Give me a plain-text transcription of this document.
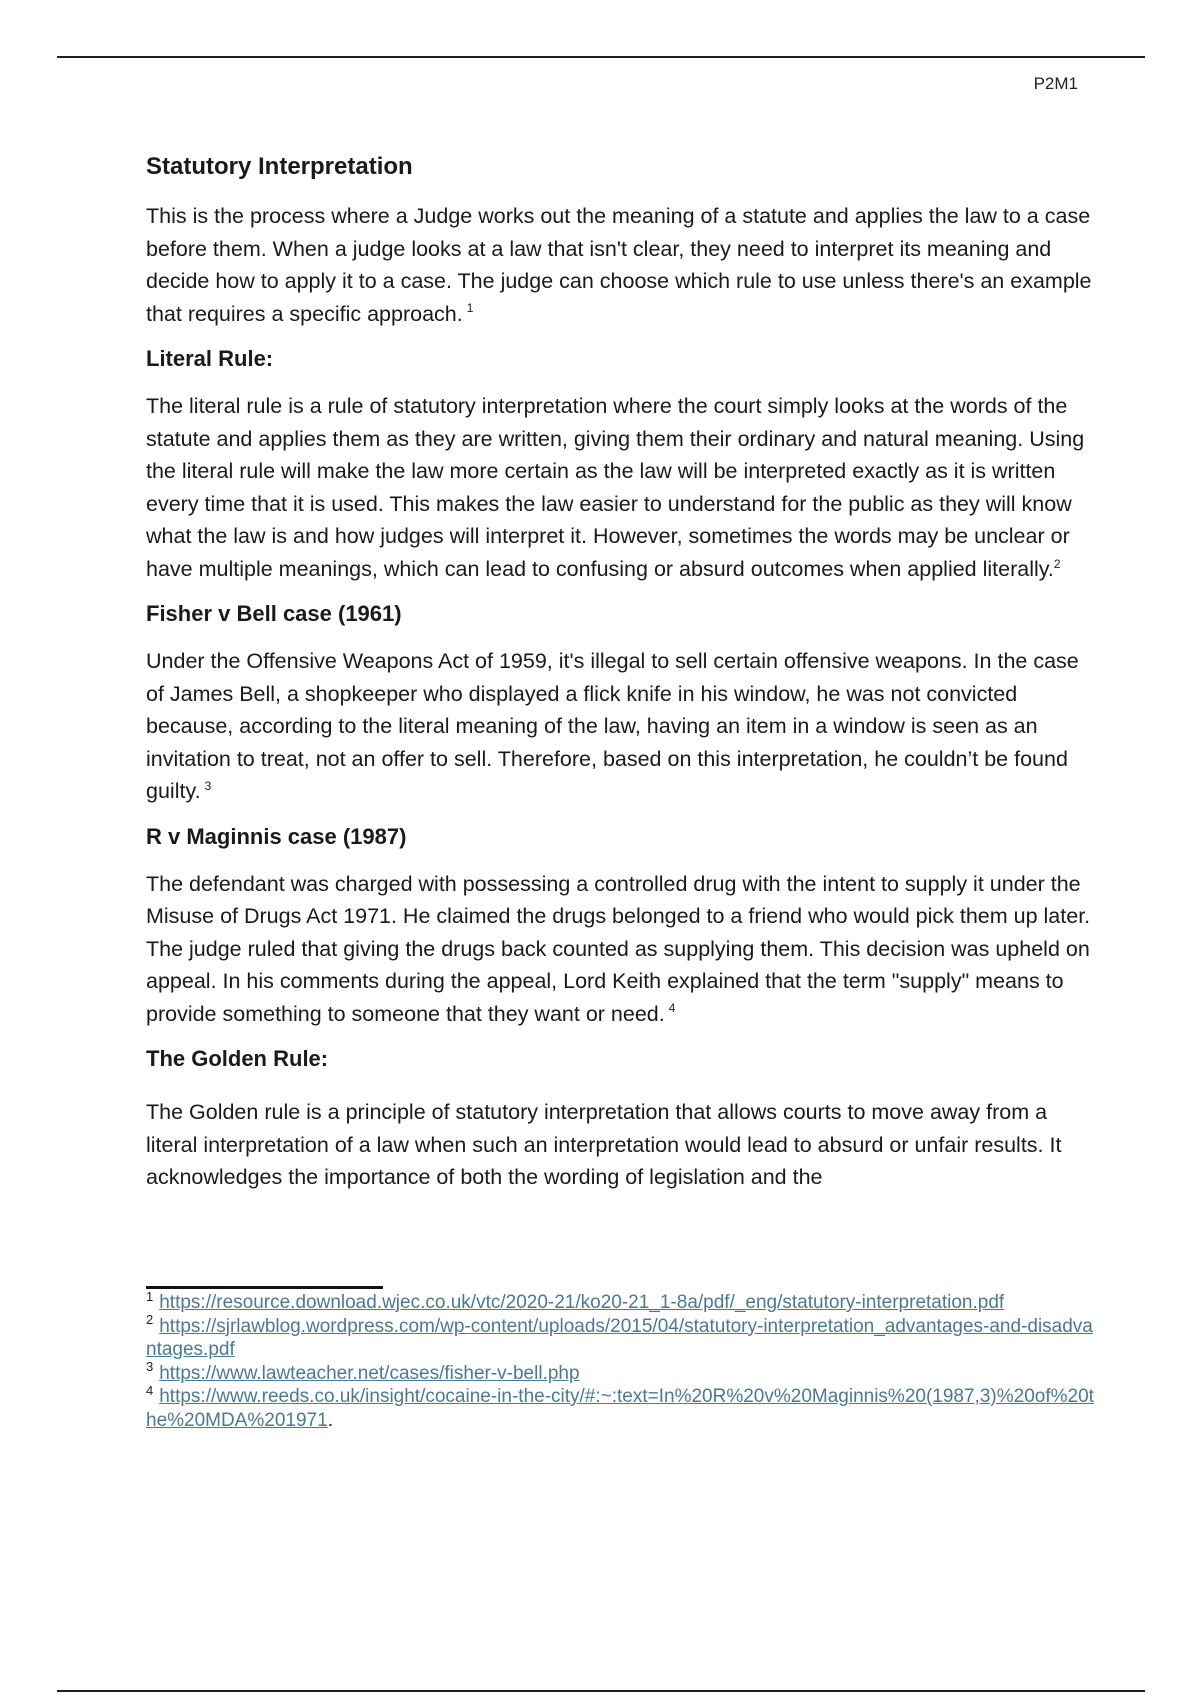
P2M1
Statutory Interpretation

This is the process where a Judge works out the meaning of a statute and applies the law to a case before them. When a judge looks at a law that isn't clear, they need to interpret its meaning and decide how to apply it to a case. The judge can choose which rule to use unless there's an example that requires a specific approach. $^1$

Literal Rule:

The literal rule is a rule of statutory interpretation where the court simply looks at the words of the statute and applies them as they are written, giving them their ordinary and natural meaning. Using the literal rule will make the law more certain as the law will be interpreted exactly as it is written every time that it is used. This makes the law easier to understand for the public as they will know what the law is and how judges will interpret it. However, sometimes the words may be unclear or have multiple meanings, which can lead to confusing or absurd outcomes when applied literally.$^2$

Fisher v Bell case (1961)

Under the Offensive Weapons Act of 1959, it's illegal to sell certain offensive weapons. In the case of James Bell, a shopkeeper who displayed a flick knife in his window, he was not convicted because, according to the literal meaning of the law, having an item in a window is seen as an invitation to treat, not an offer to sell. Therefore, based on this interpretation, he couldn’t be found guilty. $^3$

R v Maginnis case (1987)

The defendant was charged with possessing a controlled drug with the intent to supply it under the Misuse of Drugs Act 1971. He claimed the drugs belonged to a friend who would pick them up later. The judge ruled that giving the drugs back counted as supplying them. This decision was upheld on appeal. In his comments during the appeal, Lord Keith explained that the term "supply" means to provide something to someone that they want or need. $^4$

The Golden Rule:

The Golden rule is a principle of statutory interpretation that allows courts to move away from a literal interpretation of a law when such an interpretation would lead to absurd or unfair results. It acknowledges the importance of both the wording of legislation and the

$^1$ https://resource.download.wjec.co.uk/vtc/2020-21/ko20-21_1-8a/pdf/_eng/statutory-interpretation.pdf
$^2$ https://sjrlawblog.wordpress.com/wp-content/uploads/2015/04/statutory-interpretation_advantages-and-disadvantages.pdf
$^3$ https://www.lawteacher.net/cases/fisher-v-bell.php
$^4$ https://www.reeds.co.uk/insight/cocaine-in-the-city/#:~:text=In%20R%20v%20Maginnis%20(1987,3)%20of%20the%20MDA%201971.
